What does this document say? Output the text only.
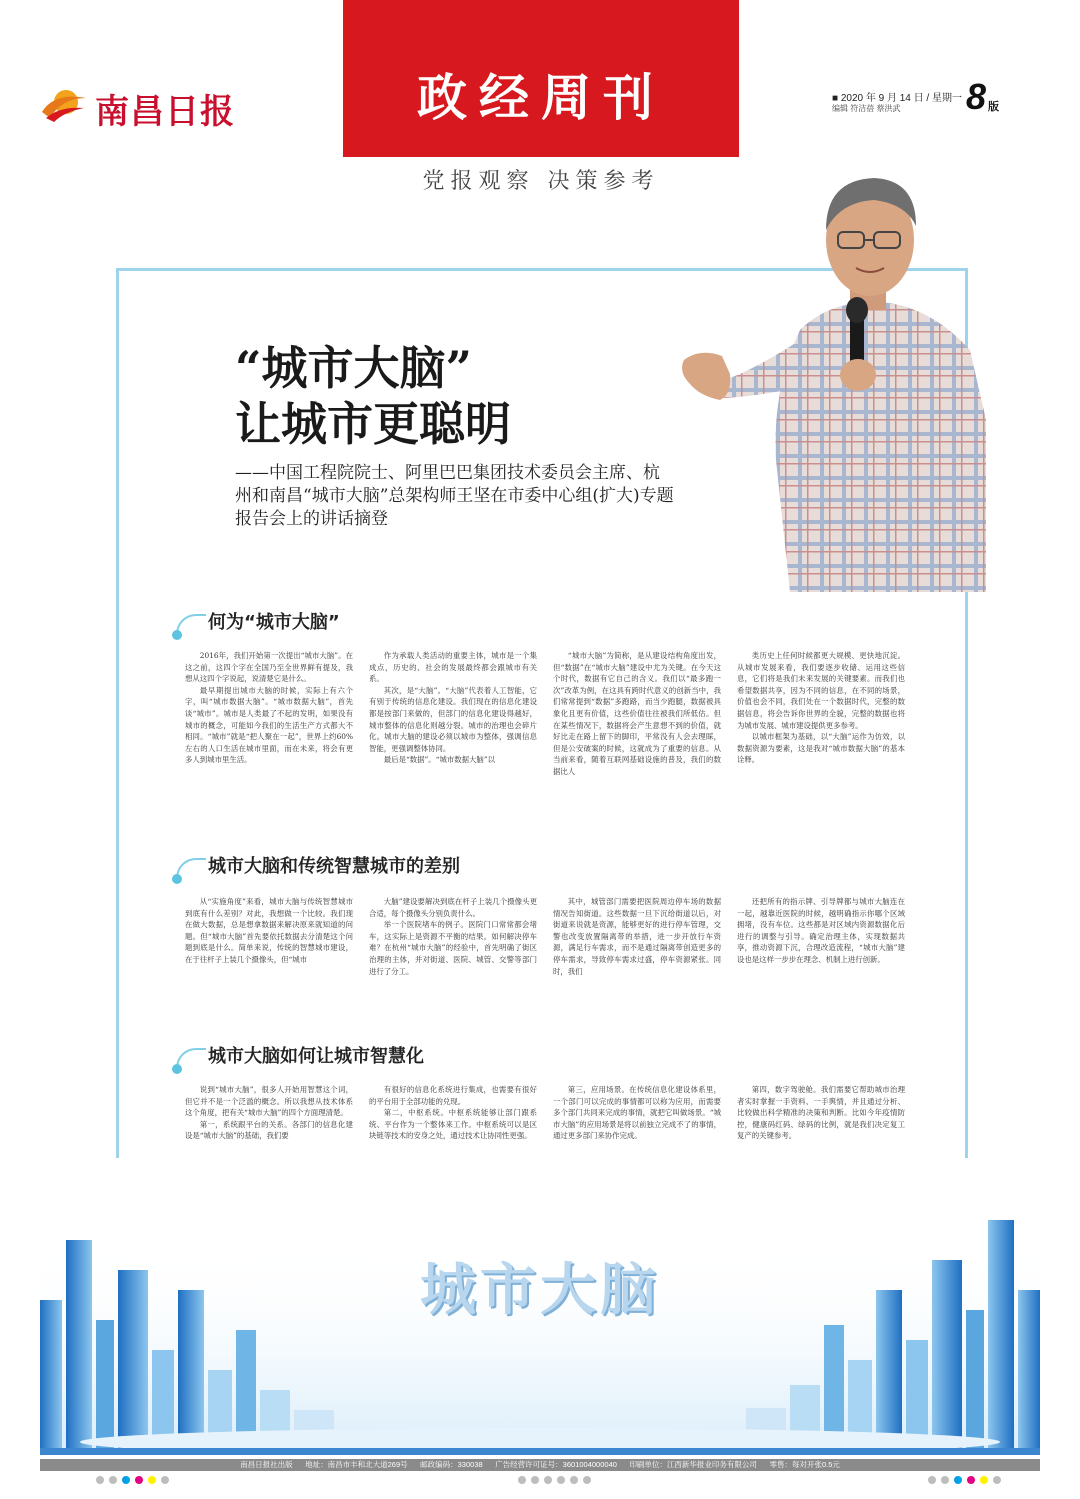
南昌日报	政经周刊
党报观察 决策参考
■ 2020 年 9 月 14 日 / 星期一
编辑 符洁蓓 蔡洪武 8 版
“城市大脑”
让城市更聪明
——中国工程院院士、阿里巴巴集团技术委员会主席、杭州和南昌“城市大脑”总架构师王坚在市委中心组(扩大)专题报告会上的讲话摘登
何为“城市大脑”

2016年，我们开始第一次提出“城市大脑”。在这之前，这四个字在全国乃至全世界鲜有提及，我想从这四个字说起，说清楚它是什么。

最早期提出城市大脑的时候，实际上有六个字，叫“城市数据大脑”。“城市数据大脑”，首先谈“城市”。城市是人类最了不起的发明，如果没有城市的概念，可能如今我们的生活生产方式都大不相同。“城市”就是“把人聚在一起”，世界上约60%左右的人口生活在城市里面，而在未来，将会有更多人到城市里生活。

作为承载人类活动的重要主体，城市是一个集成点，历史的、社会的发展最终都会跟城市有关系。

其次，是“大脑”。“大脑”代表着人工智能，它有别于传统的信息化建设。我们现在的信息化建设都是按部门来做的，但部门的信息化建设得越好，城市整体的信息化则越分裂。城市的治理也会碎片化。城市大脑的建设必须以城市为整体，强调信息智能，更强调整体协同。

最后是“数据”。“城市数据大脑”以

“城市大脑”为简称，是从建设结构角度出发，但“数据”在“城市大脑”建设中尤为关键。在今天这个时代，数据有它自己的含义。我们以“最多跑一次”改革为例，在这具有跨时代意义的创新当中，我们常常提到“数据”多跑路，而当少跑腿，数据被具象化且更有价值，这些价值往往被我们所低估。但在某些情况下，数据将会产生意想不到的价值，就好比走在路上留下的脚印，平常没有人会去理睬，但是公安破案的时候，这就成为了重要的信息。从当前来看，随着互联网基础设施的普及，我们的数据比人

类历史上任何时候都更大规模、更快地沉淀。从城市发展来看，我们要逐步收储、运用这些信息，它们将是我们未来发展的关键要素。而我们也希望数据共享，因为不同的信息，在不同的场景，价值也会不同，我们处在一个数据时代，完整的数据信息，将会告诉你世界的全貌，完整的数据也将为城市发展、城市建设提供更多参考。

以城市框架为基础，以“大脑”运作为仿效，以数据资源为要素，这是我对“城市数据大脑”的基本诠释。

城市大脑和传统智慧城市的差别

从“实施角度”来看，城市大脑与传统智慧城市到底有什么差别？对此，我想做一个比较。我们现在做大数据，总是想拿数据来解决原来就知道的问题。但“城市大脑”首先要依托数据去分清楚这个问题到底是什么。简单来说，传统的智慧城市建设，在于往杆子上装几个摄像头，但“城市

大脑”建设要解决到底在杆子上装几个摄像头更合适，每个摄像头分别负责什么。

举一个医院堵车的例子。医院门口常常都会堵车，这实际上是资源不平衡的结果。如何解决停车难？在杭州“城市大脑”的经验中，首先明确了街区治理的主体，并对街道、医院、城管、交警等部门进行了分工。

其中，城管部门需要把医院周边停车场的数据情况告知街道。这些数据一旦下沉给街道以后，对街道来说就是资源，能够更好的进行停车管理，交警也改变放置隔离带的举措，进一步开放行车资源，满足行车需求，而不是通过隔离带创造更多的停车需求，导致停车需求过盛，停车资源紧张。同时，我们

还把所有的指示牌、引导牌都与城市大脑连在一起，越靠近医院的时候，越明确指示你哪个区域拥堵，没有车位。这些都是对区域内资源数据化后进行的调整与引导。确定治理主体，实现数据共享，推动资源下沉，合理改造流程，“城市大脑”建设也是这样一步步在理念、机制上进行创新。

城市大脑如何让城市智慧化

说到“城市大脑”，很多人开始用智慧这个词，但它并不是一个泛滥的概念。所以我想从技术体系这个角度，把有关“城市大脑”的四个方面理清楚。

第一，系统跟平台的关系。各部门的信息化建设是“城市大脑”的基础，我们要

有很好的信息化系统进行集成，也需要有很好的平台用于全部功能的兑现。

第二，中枢系统。中枢系统能够让部门跟系统、平台作为一个整体来工作。中枢系统可以是区块链等技术的安身之处，通过技术让协同性更强。

第三，应用场景。在传统信息化建设体系里，一个部门可以完成的事情都可以称为应用，而需要多个部门共同来完成的事情，就把它叫做场景。“城市大脑”的应用场景是将以前独立完成不了的事情，通过更多部门来协作完成。

第四，数字驾驶舱。我们需要它帮助城市治理者实时掌握一手资料、一手舆情，并且通过分析、比较做出科学精准的决策和判断。比如今年疫情防控，健康码红码、绿码的比例，就是我们决定复工复产的关键参考。

城市大脑
南昌日报社出版 地址：南昌市丰和北大道269号 邮政编码：330038 广告经营许可证号：3601004000040 印刷单位：江西新华报业印务有限公司 零售：每对开张0.5元
